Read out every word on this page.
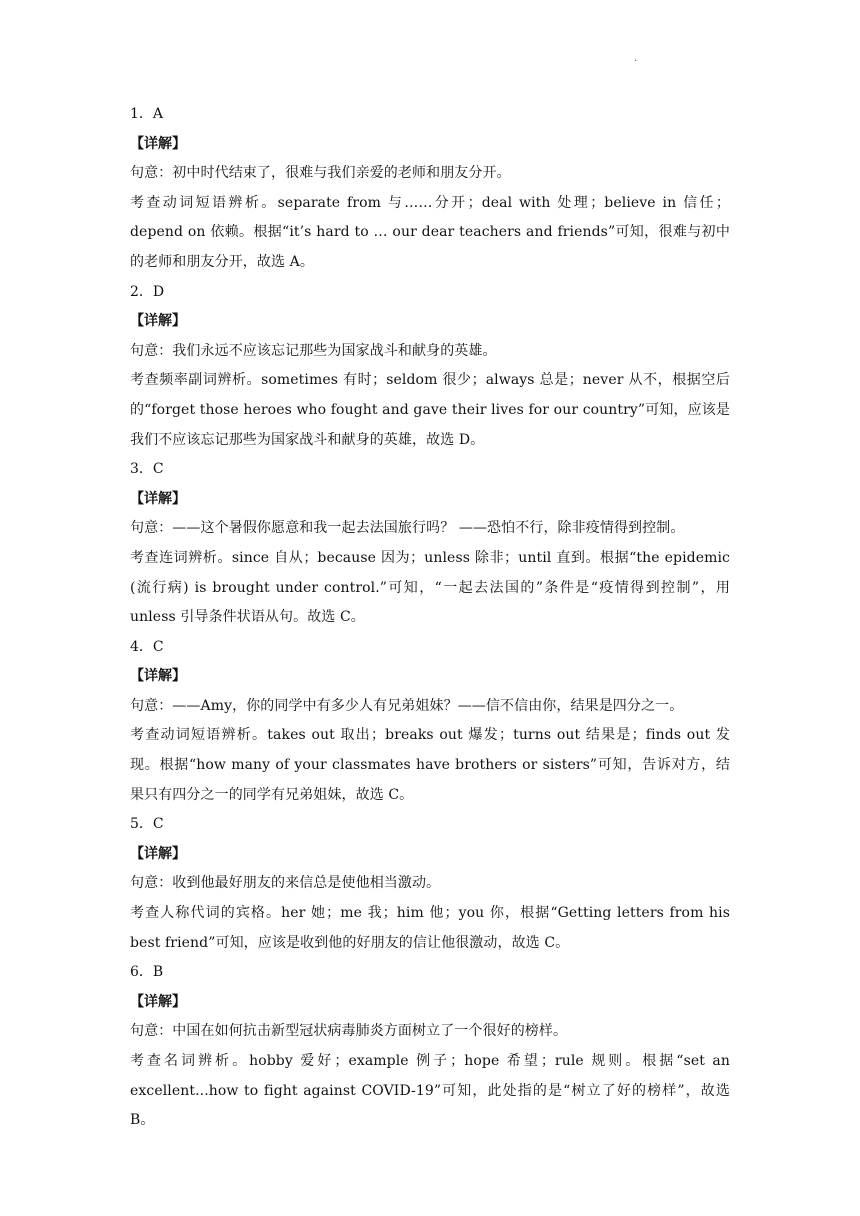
.

1．A

【详解】

句意：初中时代结束了，很难与我们亲爱的老师和朋友分开。

考查动词短语辨析。separate from 与……分开；deal with 处理；believe in 信任；depend on 依赖。根据“it’s hard to … our dear teachers and friends”可知，很难与初中的老师和朋友分开，故选 A。

2．D

【详解】

句意：我们永远不应该忘记那些为国家战斗和献身的英雄。

考查频率副词辨析。sometimes 有时；seldom 很少；always 总是；never 从不，根据空后的“forget those heroes who fought and gave their lives for our country”可知，应该是我们不应该忘记那些为国家战斗和献身的英雄，故选 D。

3．C

【详解】

句意：——这个暑假你愿意和我一起去法国旅行吗？ ——恐怕不行，除非疫情得到控制。

考查连词辨析。since 自从；because 因为；unless 除非；until 直到。根据“the epidemic (流行病) is brought under control.”可知，“一起去法国的”条件是“疫情得到控制”，用 unless 引导条件状语从句。故选 C。

4．C

【详解】

句意：——Amy，你的同学中有多少人有兄弟姐妹？——信不信由你，结果是四分之一。

考查动词短语辨析。takes out 取出；breaks out 爆发；turns out 结果是；finds out 发现。根据“how many of your classmates have brothers or sisters”可知，告诉对方，结果只有四分之一的同学有兄弟姐妹，故选 C。

5．C

【详解】

句意：收到他最好朋友的来信总是使他相当激动。

考查人称代词的宾格。her 她；me 我；him 他；you 你，根据“Getting letters from his best friend”可知，应该是收到他的好朋友的信让他很激动，故选 C。

6．B

【详解】

句意：中国在如何抗击新型冠状病毒肺炎方面树立了一个很好的榜样。

考查名词辨析。hobby 爱好；example 例子；hope 希望；rule 规则。根据“set an excellent...how to fight against COVID-19”可知，此处指的是“树立了好的榜样”，故选 B。
